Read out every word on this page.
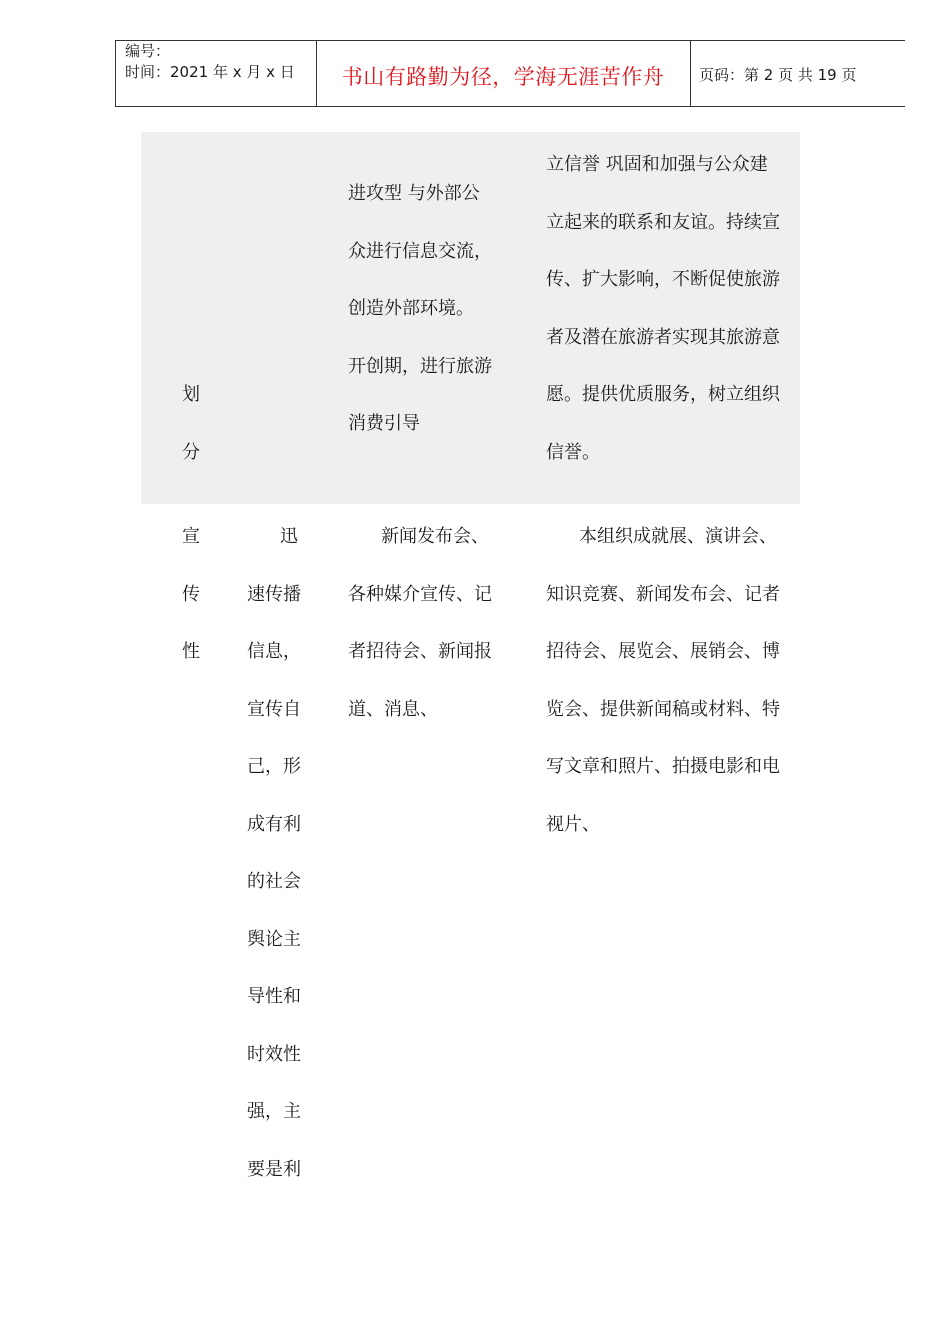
编号：
时间：2021 年 x 月 x 日	书山有路勤为径，学海无涯苦作舟	页码：第 2 页 共 19 页
划
分
进攻型 与外部公
众进行信息交流，
创造外部环境。
开创期，进行旅游
消费引导
立信誉 巩固和加强与公众建
立起来的联系和友谊。持续宣
传、扩大影响，不断促使旅游
者及潜在旅游者实现其旅游意
愿。提供优质服务，树立组织
信誉。
宣
传
性
迅
速传播
信息，
宣传自
己，形
成有利
的社会
舆论主
导性和
时效性
强，主
要是利
新闻发布会、
各种媒介宣传、记
者招待会、新闻报
道、消息、
本组织成就展、演讲会、
知识竞赛、新闻发布会、记者
招待会、展览会、展销会、博
览会、提供新闻稿或材料、特
写文章和照片、拍摄电影和电
视片、
